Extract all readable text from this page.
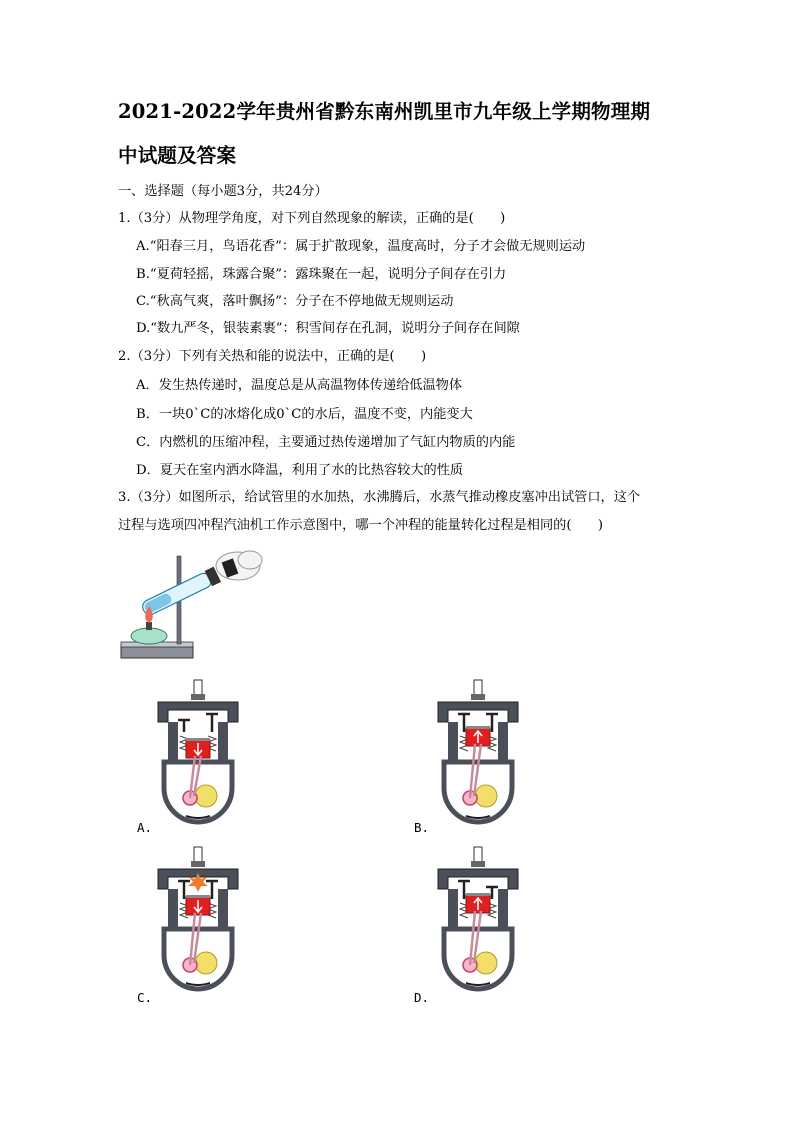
2021-2022学年贵州省黔东南州凯里市九年级上学期物理期
中试题及答案
一、选择题（每小题3分，共24分）
1.（3分）从物理学角度，对下列自然现象的解读，正确的是(　　)
A.“阳春三月，鸟语花香”：属于扩散现象，温度高时，分子才会做无规则运动
B.“夏荷轻摇，珠露合聚”：露珠聚在一起，说明分子间存在引力
C.“秋高气爽，落叶飘扬”：分子在不停地做无规则运动
D.“数九严冬，银装素裹”：积雪间存在孔洞，说明分子间存在间隙
2.（3分）下列有关热和能的说法中，正确的是(　　)
A．发生热传递时，温度总是从高温物体传递给低温物体
B．一块0`C的冰熔化成0`C的水后，温度不变，内能变大
C．内燃机的压缩冲程，主要通过热传递增加了气缸内物质的内能
D．夏天在室内洒水降温，利用了水的比热容较大的性质
3.（3分）如图所示，给试管里的水加热，水沸腾后，水蒸气推动橡皮塞冲出试管口，这个
过程与选项四冲程汽油机工作示意图中，哪一个冲程的能量转化过程是相同的(　　)
A.	B.
C.	D.
